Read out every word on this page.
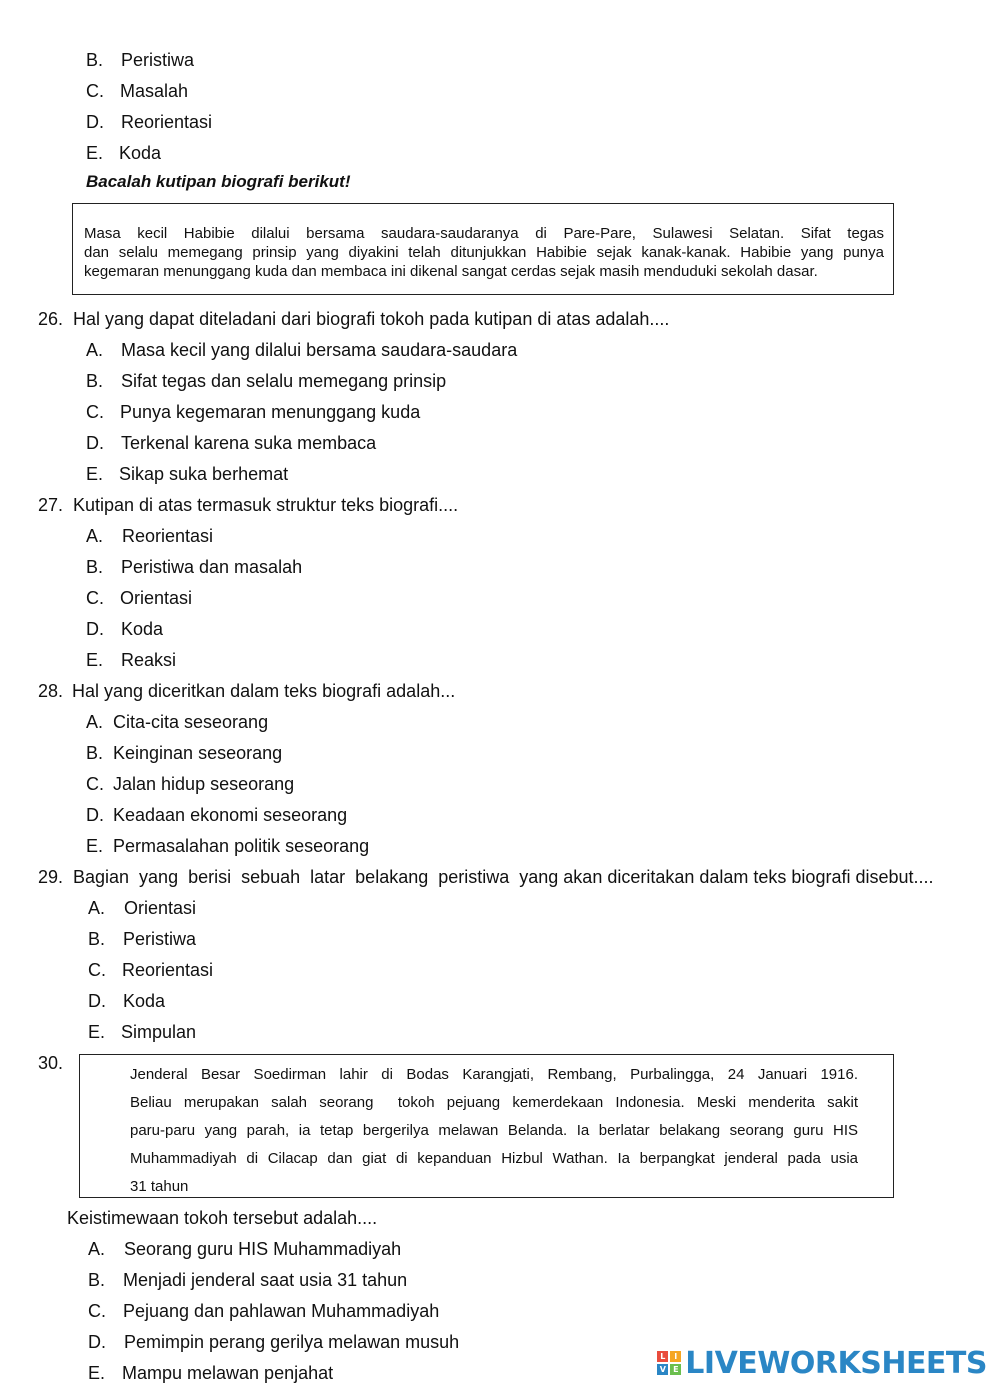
B. Peristiwa
C. Masalah
D. Reorientasi
E. Koda
Bacalah kutipan biografi berikut!
Masa kecil Habibie dilalui bersama saudara-saudaranya di Pare-Pare, Sulawesi Selatan. Sifat tegas
dan selalu memegang prinsip yang diyakini telah ditunjukkan Habibie sejak kanak-kanak. Habibie yang punya
kegemaran menunggang kuda dan membaca ini dikenal sangat cerdas sejak masih menduduki sekolah dasar.
26. Hal yang dapat diteladani dari biografi tokoh pada kutipan di atas adalah....
A. Masa kecil yang dilalui bersama saudara-saudara
B. Sifat tegas dan selalu memegang prinsip
C. Punya kegemaran menunggang kuda
D. Terkenal karena suka membaca
E. Sikap suka berhemat
27. Kutipan di atas termasuk struktur teks biografi....
A. Reorientasi
B. Peristiwa dan masalah
C. Orientasi
D. Koda
E. Reaksi
28. Hal yang diceritkan dalam teks biografi adalah...
A. Cita-cita seseorang
B. Keinginan seseorang
C. Jalan hidup seseorang
D. Keadaan ekonomi seseorang
E. Permasalahan politik seseorang
29. Bagian  yang  berisi  sebuah  latar  belakang  peristiwa  yang akan diceritakan dalam teks biografi disebut....
A. Orientasi
B. Peristiwa
C. Reorientasi
D. Koda
E. Simpulan
30.
Jenderal Besar Soedirman lahir di Bodas Karangjati, Rembang, Purbalingga, 24 Januari 1916.
Beliau merupakan salah seorang  tokoh pejuang kemerdekaan Indonesia. Meski menderita sakit
paru-paru yang parah, ia tetap bergerilya melawan Belanda. Ia berlatar belakang seorang guru HIS
Muhammadiyah di Cilacap dan giat di kepanduan Hizbul Wathan. Ia berpangkat jenderal pada usia
31 tahun
Keistimewaan tokoh tersebut adalah....
A. Seorang guru HIS Muhammadiyah
B. Menjadi jenderal saat usia 31 tahun
C. Pejuang dan pahlawan Muhammadiyah
D. Pemimpin perang gerilya melawan musuh
E. Mampu melawan penjahat
L	I
V E LIVEWORKSHEETS
